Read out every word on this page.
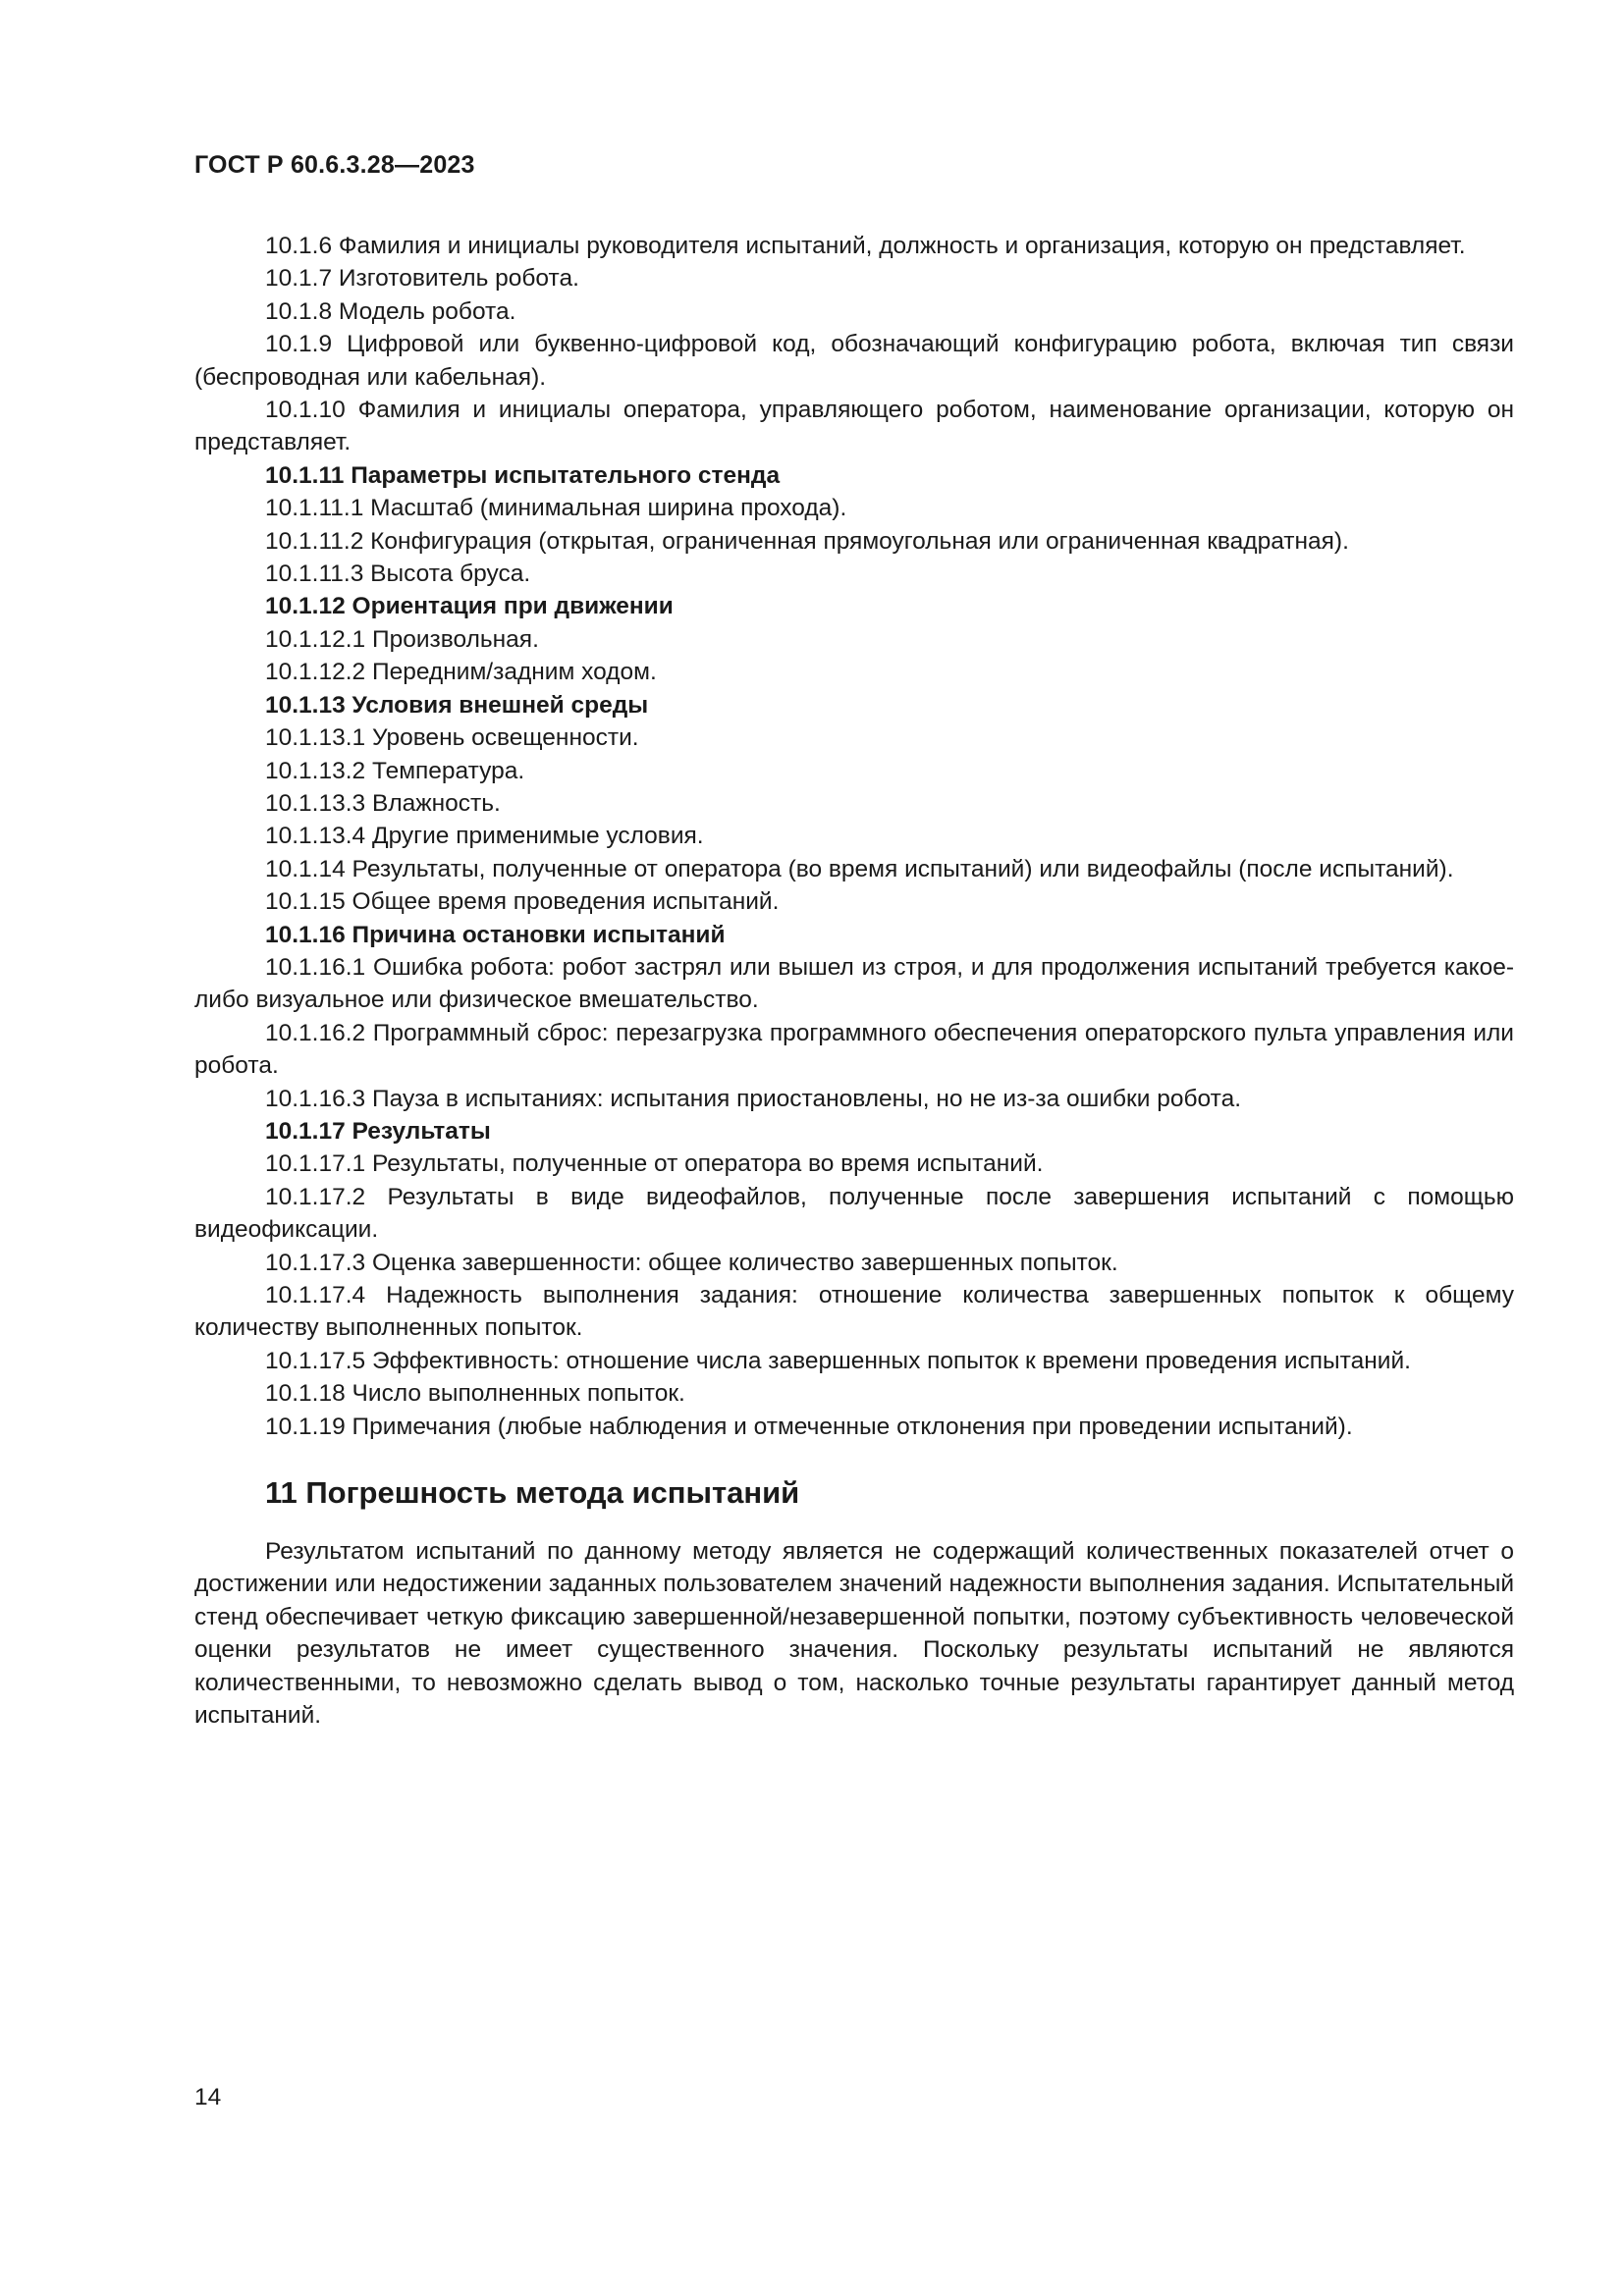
ГОСТ Р 60.6.3.28—2023

10.1.6 Фамилия и инициалы руководителя испытаний, должность и организация, которую он представляет.

10.1.7 Изготовитель робота.

10.1.8 Модель робота.

10.1.9 Цифровой или буквенно-цифровой код, обозначающий конфигурацию робота, включая тип связи (беспроводная или кабельная).

10.1.10 Фамилия и инициалы оператора, управляющего роботом, наименование организации, которую он представляет.

10.1.11 Параметры испытательного стенда

10.1.11.1 Масштаб (минимальная ширина прохода).

10.1.11.2 Конфигурация (открытая, ограниченная прямоугольная или ограниченная квадратная).

10.1.11.3 Высота бруса.

10.1.12 Ориентация при движении

10.1.12.1 Произвольная.

10.1.12.2 Передним/задним ходом.

10.1.13 Условия внешней среды

10.1.13.1 Уровень освещенности.

10.1.13.2 Температура.

10.1.13.3 Влажность.

10.1.13.4 Другие применимые условия.

10.1.14 Результаты, полученные от оператора (во время испытаний) или видеофайлы (после испытаний).

10.1.15 Общее время проведения испытаний.

10.1.16 Причина остановки испытаний

10.1.16.1 Ошибка робота: робот застрял или вышел из строя, и для продолжения испытаний требуется какое-либо визуальное или физическое вмешательство.

10.1.16.2 Программный сброс: перезагрузка программного обеспечения операторского пульта управления или робота.

10.1.16.3 Пауза в испытаниях: испытания приостановлены, но не из-за ошибки робота.

10.1.17 Результаты

10.1.17.1 Результаты, полученные от оператора во время испытаний.

10.1.17.2 Результаты в виде видеофайлов, полученные после завершения испытаний с помощью видеофиксации.

10.1.17.3 Оценка завершенности: общее количество завершенных попыток.

10.1.17.4 Надежность выполнения задания: отношение количества завершенных попыток к общему количеству выполненных попыток.

10.1.17.5 Эффективность: отношение числа завершенных попыток к времени проведения испытаний.

10.1.18 Число выполненных попыток.

10.1.19 Примечания (любые наблюдения и отмеченные отклонения при проведении испытаний).

11 Погрешность метода испытаний

Результатом испытаний по данному методу является не содержащий количественных показателей отчет о достижении или недостижении заданных пользователем значений надежности выполнения задания. Испытательный стенд обеспечивает четкую фиксацию завершенной/незавершенной попытки, поэтому субъективность человеческой оценки результатов не имеет существенного значения. Поскольку результаты испытаний не являются количественными, то невозможно сделать вывод о том, насколько точные результаты гарантирует данный метод испытаний.

14
